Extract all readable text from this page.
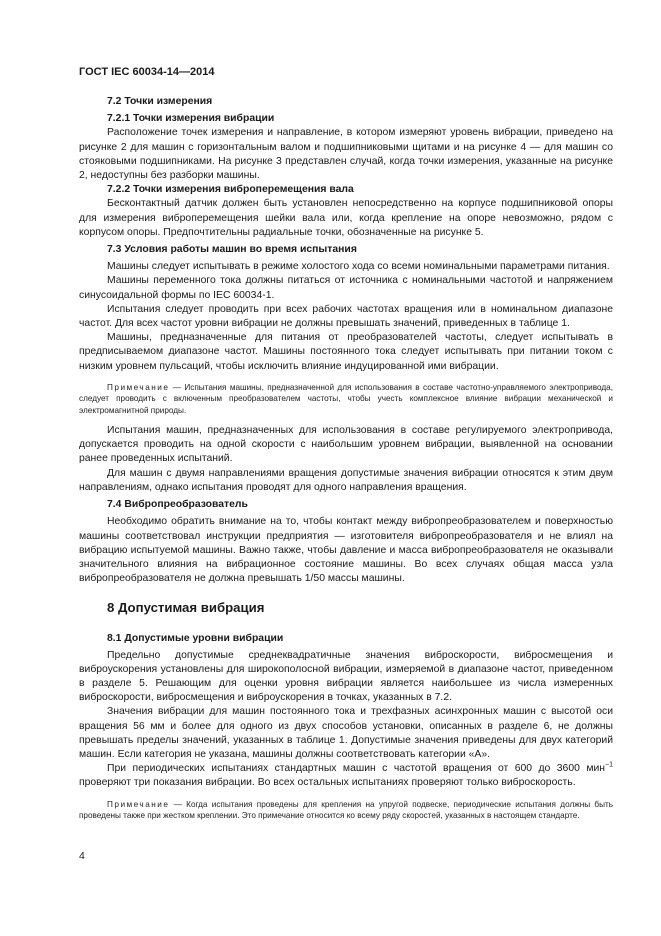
ГОСТ IEC 60034-14—2014
7.2 Точки измерения
7.2.1 Точки измерения вибрации

Расположение точек измерения и направление, в котором измеряют уровень вибрации, приведено на рисунке 2 для машин с горизонтальным валом и подшипниковыми щитами и на рисунке 4 — для машин со стояковыми подшипниками. На рисунке 3 представлен случай, когда точки измерения, указанные на рисунке 2, недоступны без разборки машины.

7.2.2 Точки измерения виброперемещения вала

Бесконтактный датчик должен быть установлен непосредственно на корпусе подшипниковой опоры для измерения виброперемещения шейки вала или, когда крепление на опоре невозможно, рядом с корпусом опоры. Предпочтительны радиальные точки, обозначенные на рисунке 5.

7.3 Условия работы машин во время испытания

Машины следует испытывать в режиме холостого хода со всеми номинальными параметрами питания.

Машины переменного тока должны питаться от источника с номинальными частотой и напряжением синусоидальной формы по IEC 60034-1.

Испытания следует проводить при всех рабочих частотах вращения или в номинальном диапазоне частот. Для всех частот уровни вибрации не должны превышать значений, приведенных в таблице 1.

Машины, предназначенные для питания от преобразователей частоты, следует испытывать в предписываемом диапазоне частот. Машины постоянного тока следует испытывать при питании током с низким уровнем пульсаций, чтобы исключить влияние индуцированной ими вибрации.

Примечание — Испытания машины, предназначенной для использования в составе частотно-управляемого электропривода, следует проводить с включенным преобразователем частоты, чтобы учесть комплексное влияние вибрации механической и электромагнитной природы.

Испытания машин, предназначенных для использования в составе регулируемого электропривода, допускается проводить на одной скорости с наибольшим уровнем вибрации, выявленной на основании ранее проведенных испытаний.

Для машин с двумя направлениями вращения допустимые значения вибрации относятся к этим двум направлениям, однако испытания проводят для одного направления вращения.

7.4 Вибропреобразователь

Необходимо обратить внимание на то, чтобы контакт между вибропреобразователем и поверхностью машины соответствовал инструкции предприятия — изготовителя вибропреобразователя и не влиял на вибрацию испытуемой машины. Важно также, чтобы давление и масса вибропреобразователя не оказывали значительного влияния на вибрационное состояние машины. Во всех случаях общая масса узла вибропреобразователя не должна превышать 1/50 массы машины.

8 Допустимая вибрация
8.1 Допустимые уровни вибрации

Предельно допустимые среднеквадратичные значения виброскорости, виброcмещения и виброускорения установлены для широкополосной вибрации, измеряемой в диапазоне частот, приведенном в разделе 5. Решающим для оценки уровня вибрации является наибольшее из числа измеренных виброскорости, виброcмещения и виброускорения в точках, указанных в 7.2.

Значения вибрации для машин постоянного тока и трехфазных асинхронных машин с высотой оси вращения 56 мм и более для одного из двух способов установки, описанных в разделе 6, не должны превышать пределы значений, указанных в таблице 1. Допустимые значения приведены для двух категорий машин. Если категория не указана, машины должны соответствовать категории «А».

При периодических испытаниях стандартных машин с частотой вращения от 600 до 3600 мин$^{-1}$ проверяют три показания вибрации. Во всех остальных испытаниях проверяют только виброскорость.

Примечание — Когда испытания проведены для крепления на упругой подвеске, периодические испытания должны быть проведены также при жестком креплении. Это примечание относится ко всему ряду скоростей, указанных в настоящем стандарте.
4
